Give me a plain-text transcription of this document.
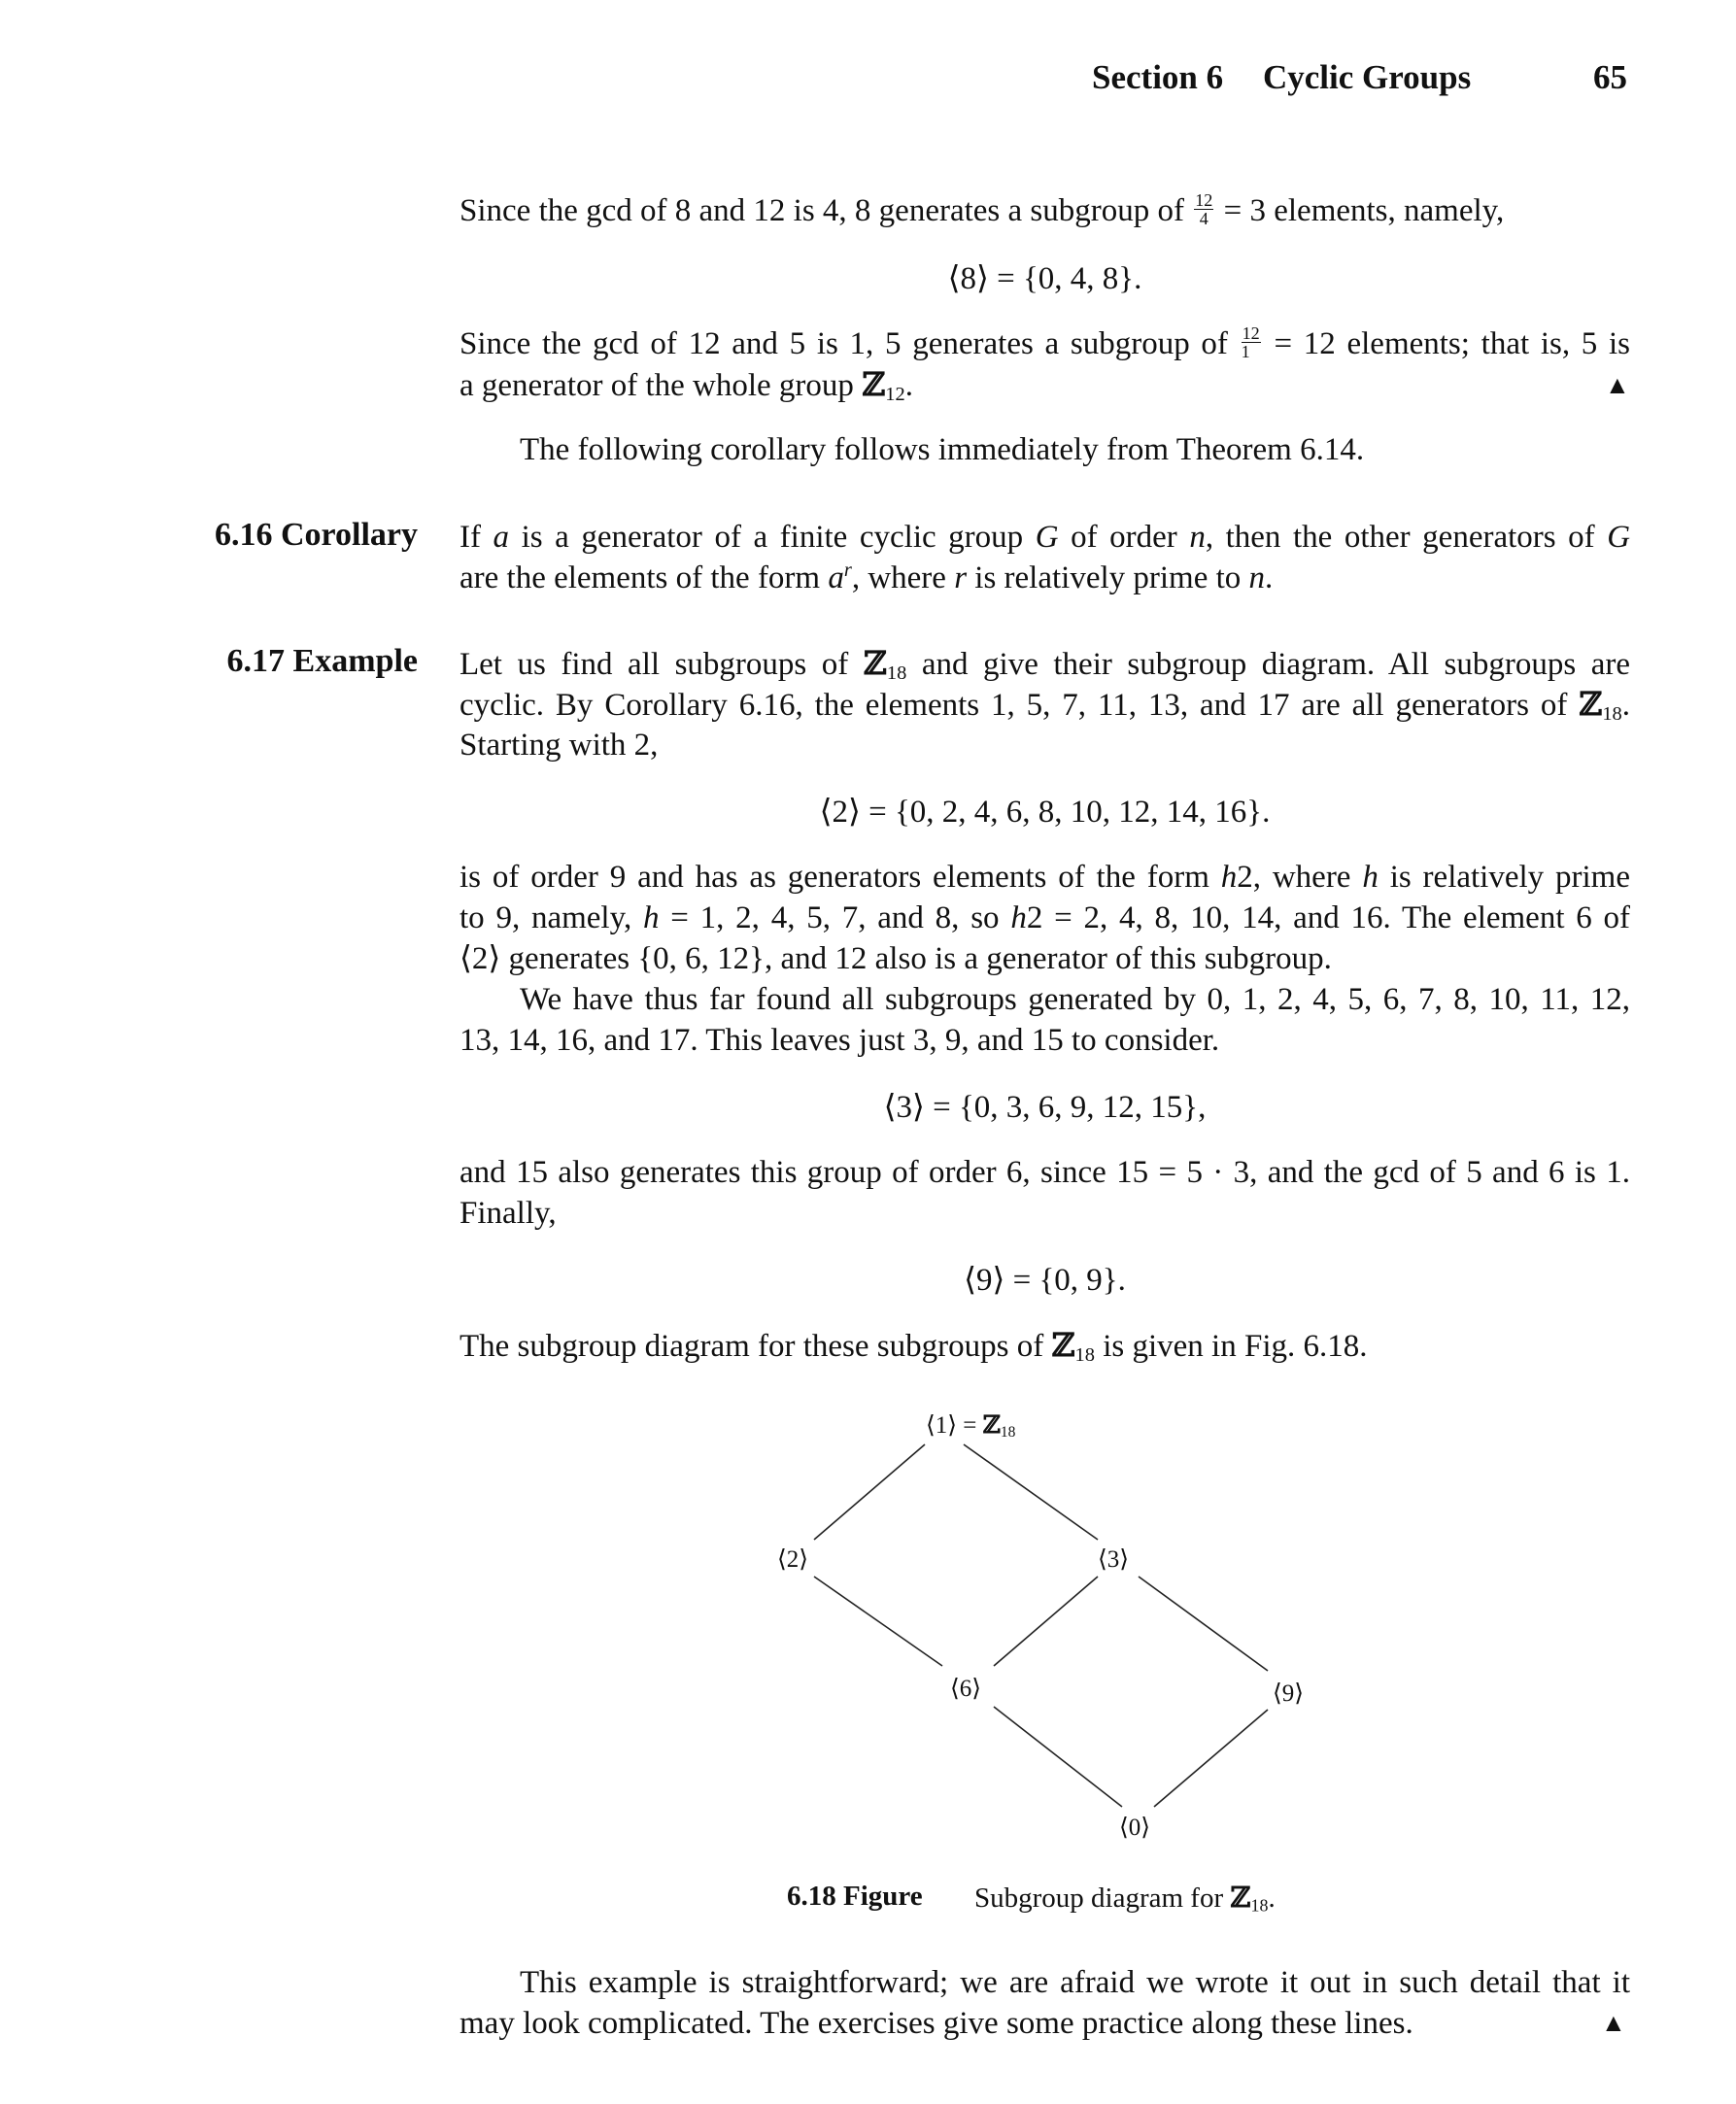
Section 6 Cyclic Groups	65
Since the gcd of 8 and 12 is 4, 8 generates a subgroup of $\frac{12}{4} = 3$ elements, namely,
⟨8⟩ = {0, 4, 8}.
Since the gcd of 12 and 5 is 1, 5 generates a subgroup of $\frac{12}{1} = 12$ elements; that is, 5 is
a generator of the whole group ℤ$_{12}$.	▲
The following corollary follows immediately from Theorem 6.14.
6.16 Corollary If a is a generator of a finite cyclic group G of order n, then the other generators of G
are the elements of the form $a^r$, where r is relatively prime to n.
6.17 Example Let us find all subgroups of ℤ$_{18}$ and give their subgroup diagram. All subgroups are
cyclic. By Corollary 6.16, the elements 1, 5, 7, 11, 13, and 17 are all generators of ℤ$_{18}$.
Starting with 2,
⟨2⟩ = {0, 2, 4, 6, 8, 10, 12, 14, 16}.
is of order 9 and has as generators elements of the form h2, where h is relatively prime
to 9, namely, h = 1, 2, 4, 5, 7, and 8, so h2 = 2, 4, 8, 10, 14, and 16. The element 6 of
⟨2⟩ generates {0, 6, 12}, and 12 also is a generator of this subgroup.
We have thus far found all subgroups generated by 0, 1, 2, 4, 5, 6, 7, 8, 10, 11, 12,
13, 14, 16, and 17. This leaves just 3, 9, and 15 to consider.
⟨3⟩ = {0, 3, 6, 9, 12, 15},
and 15 also generates this group of order 6, since 15 = 5 · 3, and the gcd of 5 and 6 is 1.
Finally,
⟨9⟩ = {0, 9}.
The subgroup diagram for these subgroups of ℤ$_{18}$ is given in Fig. 6.18.
⟨1⟩ = ℤ$_{18}$
⟨2⟩	⟨3⟩
⟨6⟩	⟨9⟩
⟨0⟩
6.18 Figure Subgroup diagram for ℤ$_{18}$.
This example is straightforward; we are afraid we wrote it out in such detail that it
may look complicated. The exercises give some practice along these lines.	▲
